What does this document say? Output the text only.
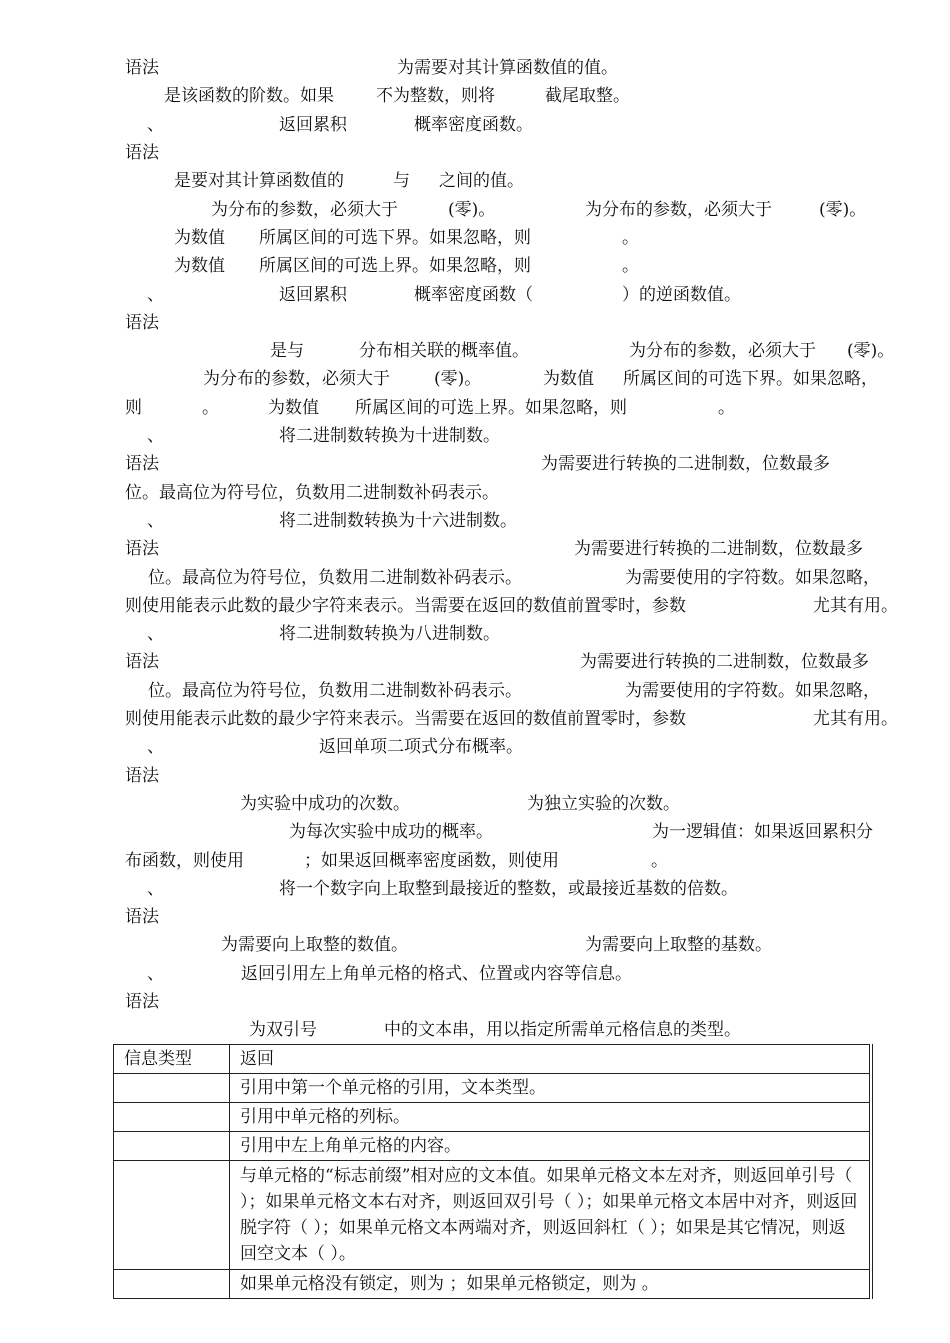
语法	为需要对其计算函数值的值。
是该函数的阶数。如果 不为整数，则将	截尾取整。
、	返回累积	概率密度函数。
语法
是要对其计算函数值的	与 之间的值。
为分布的参数，必须大于	(零)。	为分布的参数，必须大于	(零)。
为数值 所属区间的可选下界。如果忽略，则	。
为数值 所属区间的可选上界。如果忽略，则	。
、	返回累积	概率密度函数（	）的逆函数值。
语法
是与	分布相关联的概率值。	为分布的参数，必须大于 (零)。
为分布的参数，必须大于	(零)。	为数值 所属区间的可选下界。如果忽略，
则	。	为数值 所属区间的可选上界。如果忽略，则	。
、	将二进制数转换为十进制数。
语法	为需要进行转换的二进制数，位数最多
位。最高位为符号位，负数用二进制数补码表示。
、	将二进制数转换为十六进制数。
语法	为需要进行转换的二进制数，位数最多
位。最高位为符号位，负数用二进制数补码表示。	为需要使用的字符数。如果忽略，
则使用能表示此数的最少字符来表示。当需要在返回的数值前置零时，参数	尤其有用。
、	将二进制数转换为八进制数。
语法	为需要进行转换的二进制数，位数最多
位。最高位为符号位，负数用二进制数补码表示。	为需要使用的字符数。如果忽略，
则使用能表示此数的最少字符来表示。当需要在返回的数值前置零时，参数	尤其有用。
、	返回单项二项式分布概率。
语法
为实验中成功的次数。	为独立实验的次数。
为每次实验中成功的概率。	为一逻辑值：如果返回累积分
布函数，则使用	；如果返回概率密度函数，则使用	。
、	将一个数字向上取整到最接近的整数，或最接近基数的倍数。
语法
为需要向上取整的数值。	为需要向上取整的基数。
、	返回引用左上角单元格的格式、位置或内容等信息。
语法
为双引号	中的文本串，用以指定所需单元格信息的类型。
信息类型	返回
	引用中第一个单元格的引用，文本类型。
	引用中单元格的列标。
	引用中左上角单元格的内容。
	与单元格的“标志前缀”相对应的文本值。如果单元格文本左对齐，则返回单引号（ ）；如果单元格文本右对齐，则返回双引号（ ）；如果单元格文本居中对齐，则返回脱字符（ ）；如果单元格文本两端对齐，则返回斜杠（ ）；如果是其它情况，则返回空文本（ ）。
	如果单元格没有锁定，则为 ；如果单元格锁定，则为 。
